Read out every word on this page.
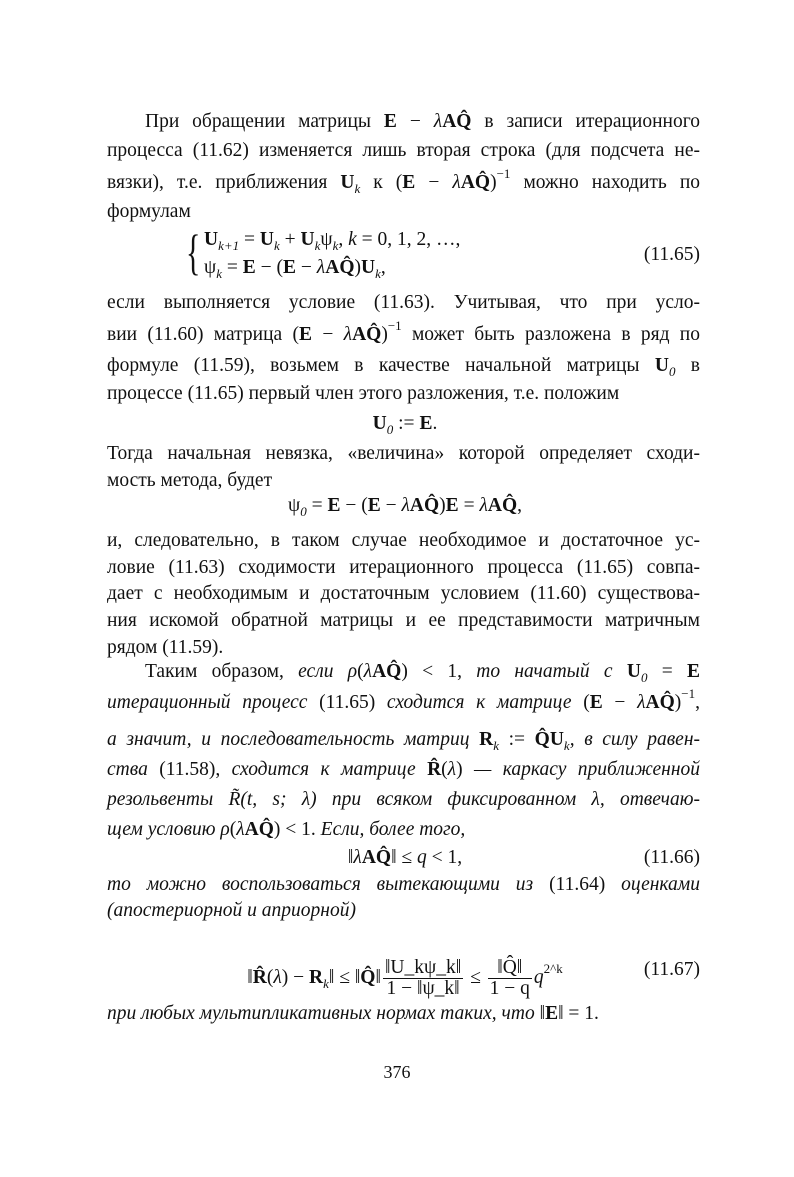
{	(11.65)
При обращении матрицы E − λAQ̂ в записи итерационного
процесса (11.62) изменяется лишь вторая строка (для подсчета не-
вязки), т.е. приближения $U_k$ к (E − λAQ̂)$^{-1}$ можно находить по
формулам
$U_{k+1} = U_k + U_k\psi_k$, k = 0, 1, 2, …,
$\psi_k = E - (E$ − $\lambda AQ̂)U_k$,
если выполняется условие (11.63). Учитывая, что при усло-
вии (11.60) матрица (E − λAQ̂)$^{-1}$ может быть разложена в ряд по
формуле (11.59), возьмем в качестве начальной матрицы $U_0$ в
процессе (11.65) первый член этого разложения, т.е. положим
$U_0$ := E.
Тогда начальная невязка, «величина» которой определяет сходи-
мость метода, будет
$\psi_0 = E - (E$ − λAQ̂)E = λAQ̂,
и, следовательно, в таком случае необходимое и достаточное ус-
ловие (11.63) сходимости итерационного процесса (11.65) совпа-
дает с необходимым и достаточным условием (11.60) существова-
ния искомой обратной матрицы и ее представимости матричным
рядом (11.59).
Таким образом, если ρ(λAQ̂) < 1, то начатый с $U_0 = E$
итерационный процесс (11.65) сходится к матрице (E − λAQ̂)$^{-1}$,
а значит, и последовательность матриц $R_k$ := $Q̂U_k$, в силу равен-
ства (11.58), сходится к матрице R̂(λ) — каркасу приближенной
резольвенты R̃(t, s; λ) при всяком фиксированном λ, отвечаю-
щем условию ρ(λAQ̂) < 1. Если, более того,
(11.66)
‖λAQ̂‖ ≤ q < 1,
то можно воспользоваться вытекающими из (11.64) оценками
(апостериорной и априорной)
(11.67)
‖R̂(λ) − $R_k‖$ ≤ ‖Q̂‖ $\frac{‖U\_k\psi\_k‖}{1 - ‖\psi\_k‖} \le \frac{‖Q̂‖}{1 - q} q^{2\^{}k}$
при любых мультипликативных нормах таких, что ‖E‖ = 1.
376
